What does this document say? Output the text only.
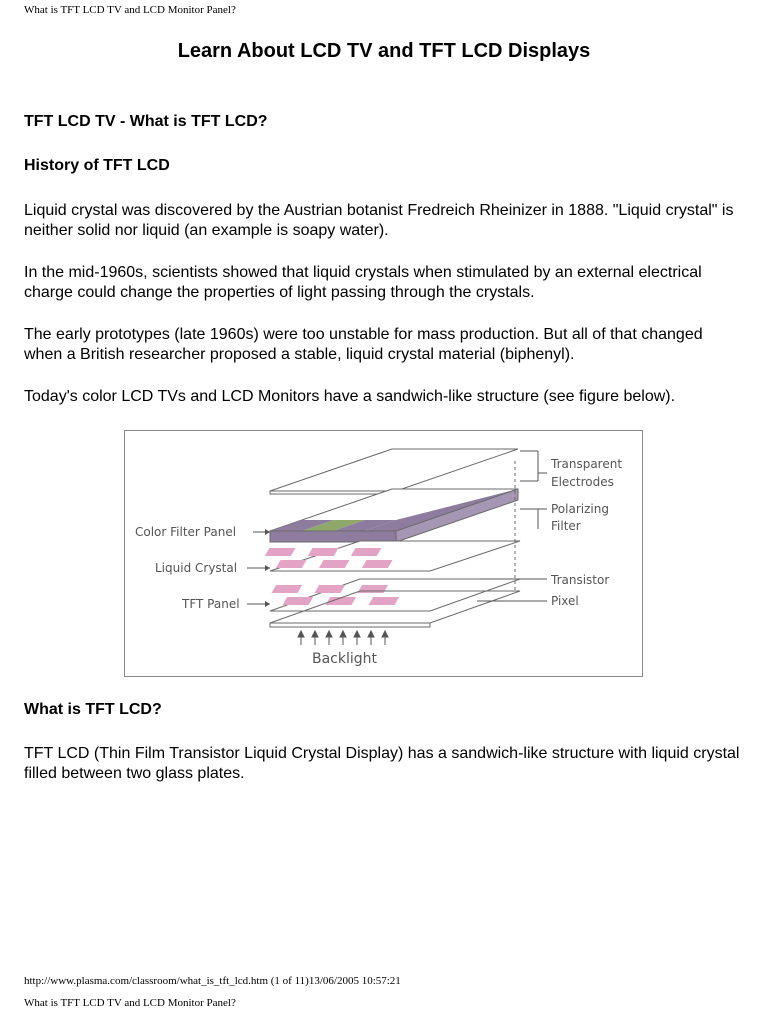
What is TFT LCD TV and LCD Monitor Panel?
Learn About LCD TV and TFT LCD Displays
TFT LCD TV - What is TFT LCD?
History of TFT LCD
Liquid crystal was discovered by the Austrian botanist Fredreich Rheinizer in 1888. "Liquid crystal" is neither solid nor liquid (an example is soapy water).
In the mid-1960s, scientists showed that liquid crystals when stimulated by an external electrical charge could change the properties of light passing through the crystals.
The early prototypes (late 1960s) were too unstable for mass production. But all of that changed when a British researcher proposed a stable, liquid crystal material (biphenyl).
Today's color LCD TVs and LCD Monitors have a sandwich-like structure (see figure below).
Color Filter Panel
Liquid Crystal
TFT Panel
Transparent
Electrodes
Polarizing
Filter
Transistor
Pixel
Backlight
What is TFT LCD?
TFT LCD (Thin Film Transistor Liquid Crystal Display) has a sandwich-like structure with liquid crystal filled between two glass plates.
http://www.plasma.com/classroom/what_is_tft_lcd.htm (1 of 11)13/06/2005 10:57:21
What is TFT LCD TV and LCD Monitor Panel?
